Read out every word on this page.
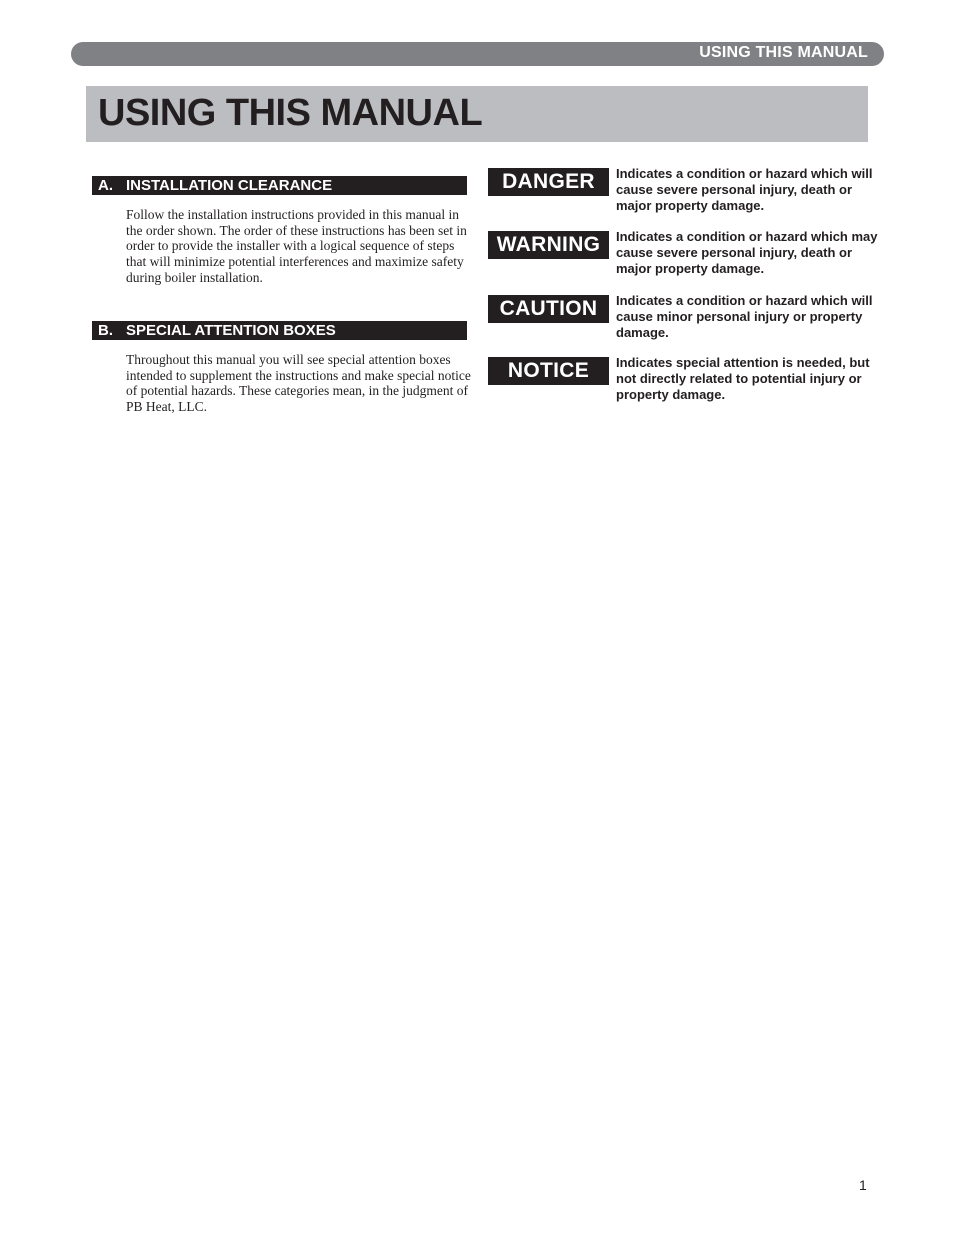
USING THIS MANUAL
USING THIS MANUAL
A. INSTALLATION CLEARANCE

Follow the installation instructions provided in this manual in the order shown. The order of these instructions has been set in order to provide the installer with a logical sequence of steps that will minimize potential interferences and maximize safety during boiler installation.

B. SPECIAL ATTENTION BOXES

Throughout this manual you will see special attention boxes intended to supplement the instructions and make special notice of potential hazards. These categories mean, in the judgment of PB Heat, LLC.

DANGER	Indicates a condition or hazard which will cause severe personal injury, death or major property damage.

WARNING	Indicates a condition or hazard which may cause severe personal injury, death or major property damage.

CAUTION	Indicates a condition or hazard which will cause minor personal injury or property damage.

NOTICE	Indicates special attention is needed, but not directly related to potential injury or property damage.

1
